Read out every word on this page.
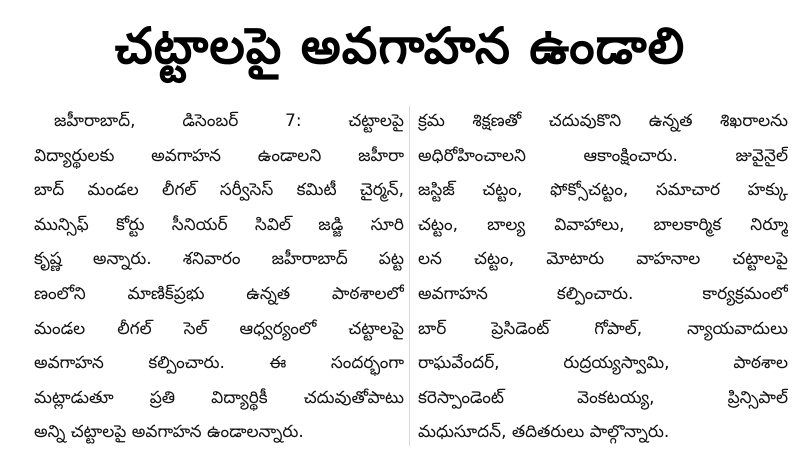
చట్టాలపై అవగాహన ఉండాలి
జహీరాబాద్, డిసెంబర్ 7: చట్టాలపై
విద్యార్థులకు అవగాహన ఉండాలని జహీరా
బాద్ మండల లీగల్ సర్వీసెస్ కమిటీ చైర్మన్,
మున్సిఫ్ కోర్టు సీనియర్ సివిల్ జడ్జి సూరి
కృష్ణ అన్నారు. శనివారం జహీరాబాద్ పట్ట
ణంలోని మాణిక్‌ప్రభు ఉన్నత పాఠశాలలో
మండల లీగల్ సెల్ ఆధ్వర్యంలో చట్టాలపై
అవగాహన కల్పించారు. ఈ సందర్భంగా
మట్లాడుతూ ప్రతి విద్యార్థికీ చదువుతోపాటు
అన్ని చట్టాలపై అవగాహన ఉండాలన్నారు.
క్రమ శిక్షణతో చదువుకొని ఉన్నత శిఖరాలను
అధిరోహించాలని ఆకాంక్షించారు. జువైనైల్
జస్టిజ్ చట్టం, ఫోక్సోచట్టం, సమాచార హక్కు
చట్టం, బాల్య వివాహాలు, బాలకార్మిక నిర్మూ
లన చట్టం, మోటారు వాహనాల చట్టాలపై
అవగాహన కల్పించారు. కార్యక్రమంలో
బార్ ప్రెసిడెంట్ గోపాల్, న్యాయవాదులు
రాఘవేందర్, రుద్రయ్యస్వామి, పాఠశాల
కరెస్పాండెంట్ వెంకటయ్య, ప్రిన్సిపాల్
మధుసూదన్, తదితరులు పాల్గొన్నారు.
